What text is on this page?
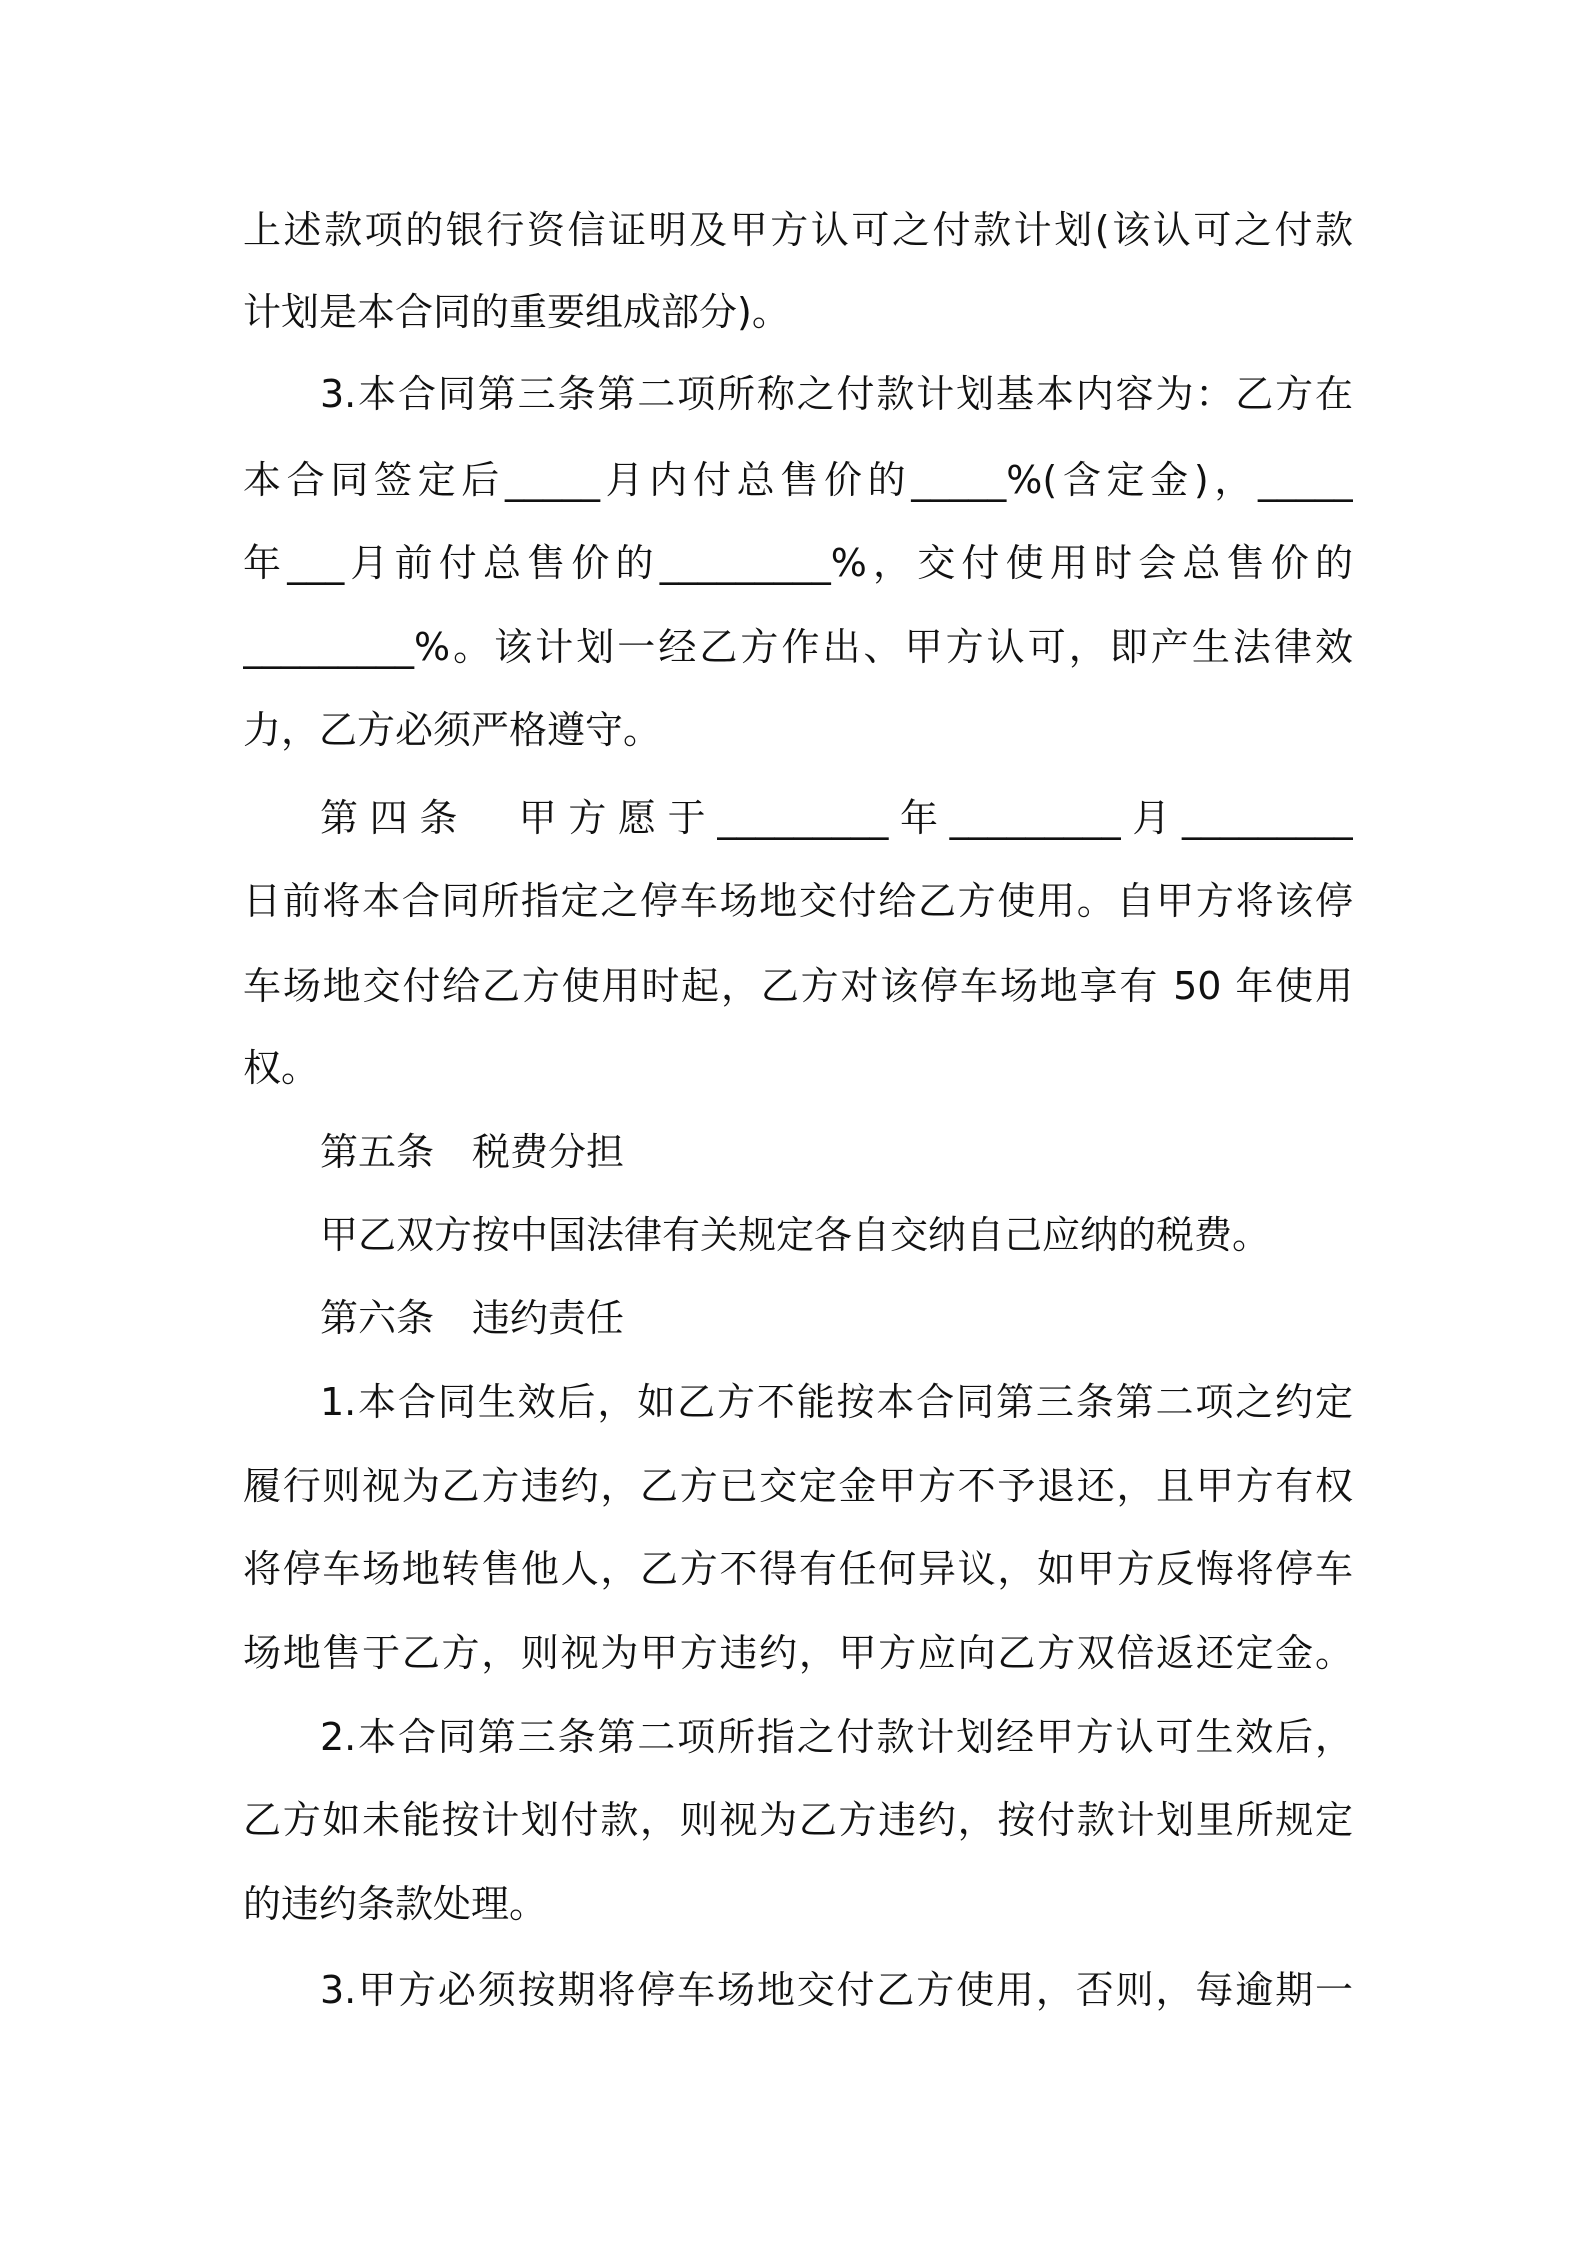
上述款项的银行资信证明及甲方认可之付款计划(该认可之付款
计划是本合同的重要组成部分)。
3.本合同第三条第二项所称之付款计划基本内容为：乙方在
本合同签定后_____月内付总售价的_____%(含定金)，_____
年___月前付总售价的_________%，交付使用时会总售价的
_________%。该计划一经乙方作出、甲方认可，即产生法律效
力，乙方必须严格遵守。
第四条　甲方愿于_________年_________月_________
日前将本合同所指定之停车场地交付给乙方使用。自甲方将该停
车场地交付给乙方使用时起，乙方对该停车场地享有 50 年使用
权。
第五条　税费分担
甲乙双方按中国法律有关规定各自交纳自己应纳的税费。
第六条　违约责任
1.本合同生效后，如乙方不能按本合同第三条第二项之约定
履行则视为乙方违约，乙方已交定金甲方不予退还，且甲方有权
将停车场地转售他人，乙方不得有任何异议，如甲方反悔将停车
场地售于乙方，则视为甲方违约，甲方应向乙方双倍返还定金。
2.本合同第三条第二项所指之付款计划经甲方认可生效后，
乙方如未能按计划付款，则视为乙方违约，按付款计划里所规定
的违约条款处理。
3.甲方必须按期将停车场地交付乙方使用，否则，每逾期一
